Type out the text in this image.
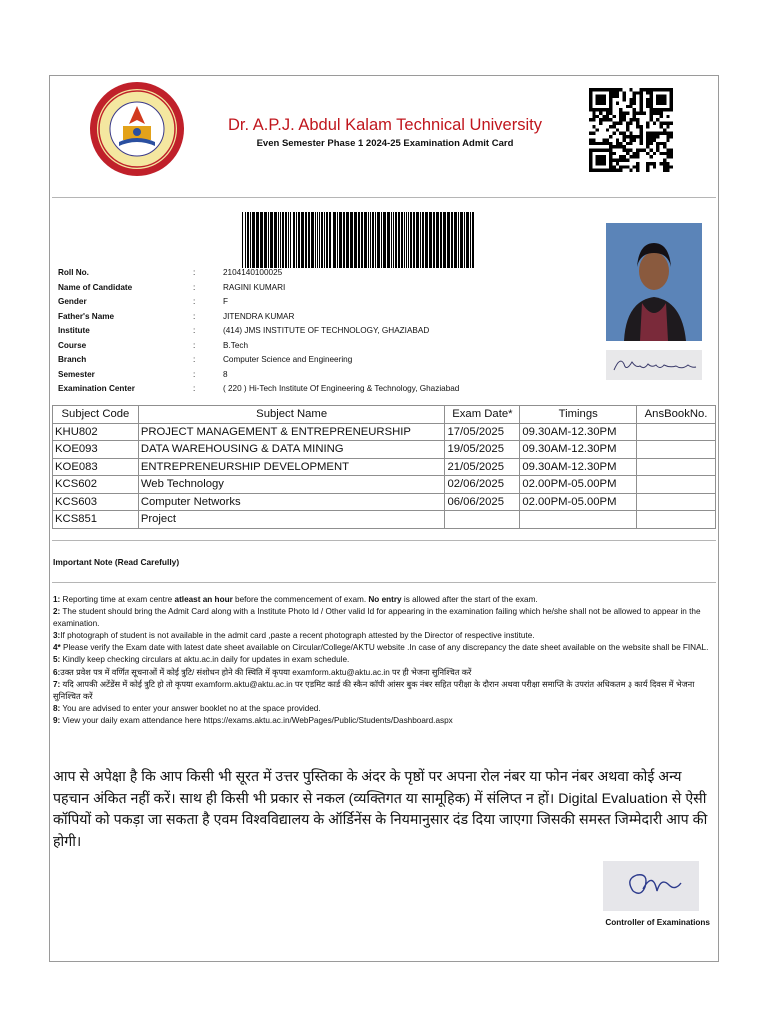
Dr. A.P.J. Abdul Kalam Technical University
Even Semester Phase 1 2024-25 Examination Admit Card
Roll No.	:	2104140100025
Name of Candidate	:	RAGINI KUMARI
Gender	:	F
Father's Name	:	JITENDRA KUMAR
Institute	:	(414) JMS INSTITUTE OF TECHNOLOGY, GHAZIABAD
Course	:	B.Tech
Branch	:	Computer Science and Engineering
Semester	:	8
Examination Center	:	( 220 ) Hi-Tech Institute Of Engineering & Technology, Ghaziabad
Subject Code	Subject Name	Exam Date*	Timings	AnsBookNo.
KHU802	PROJECT MANAGEMENT & ENTREPRENEURSHIP	17/05/2025	09.30AM-12.30PM	
KOE093	DATA WAREHOUSING & DATA MINING	19/05/2025	09.30AM-12.30PM	
KOE083	ENTREPRENEURSHIP DEVELOPMENT	21/05/2025	09.30AM-12.30PM	
KCS602	Web Technology	02/06/2025	02.00PM-05.00PM	
KCS603	Computer Networks	06/06/2025	02.00PM-05.00PM	
KCS851	Project			
Important Note (Read Carefully)

1: Reporting time at exam centre atleast an hour before the commencement of exam. No entry is allowed after the start of the exam.

2: The student should bring the Admit Card along with a Institute Photo Id / Other valid Id for appearing in the examination failing which he/she shall not be allowed to appear in the examination.

3:If photograph of student is not available in the admit card ,paste a recent photograph attested by the Director of respective institute.

4* Please verify the Exam date with latest date sheet available on Circular/College/AKTU website .In case of any discrepancy the date sheet available on the website shall be FINAL.

5: Kindly keep checking circulars at aktu.ac.in daily for updates in exam schedule.

6:उक्त प्रवेश पत्र में वर्णित सूचनाओं में कोई त्रुटि/ संशोधन होने की स्थिति में कृपया examform.aktu@aktu.ac.in पर ही भेजना सुनिश्चित करें

7: यदि आपकी अटेंडेंस में कोई त्रुटि हो तो कृपया examform.aktu@aktu.ac.in पर एडमिट कार्ड की स्कैन कॉपी आंसर बुक नंबर सहित परीक्षा के दौरान अथवा परीक्षा समाप्ति के उपरांत अधिकतम ३ कार्य दिवस में भेजना सुनिश्चित करें

8: You are advised to enter your answer booklet no at the space provided.

9: View your daily exam attendance here https://exams.aktu.ac.in/WebPages/Public/Students/Dashboard.aspx

आप से अपेक्षा है कि आप किसी भी सूरत में उत्तर पुस्तिका के अंदर के पृष्ठों पर अपना रोल नंबर या फोन नंबर अथवा कोई अन्य पहचान अंकित नहीं करें। साथ ही किसी भी प्रकार से नकल (व्यक्तिगत या सामूहिक) में संलिप्त न हों। Digital Evaluation से ऐसी कॉपियों को पकड़ा जा सकता है एवम विश्वविद्यालय के ऑर्डिनेंस के नियमानुसार दंड दिया जाएगा जिसकी समस्त जिम्मेदारी आप की होगी।
Controller of Examinations
